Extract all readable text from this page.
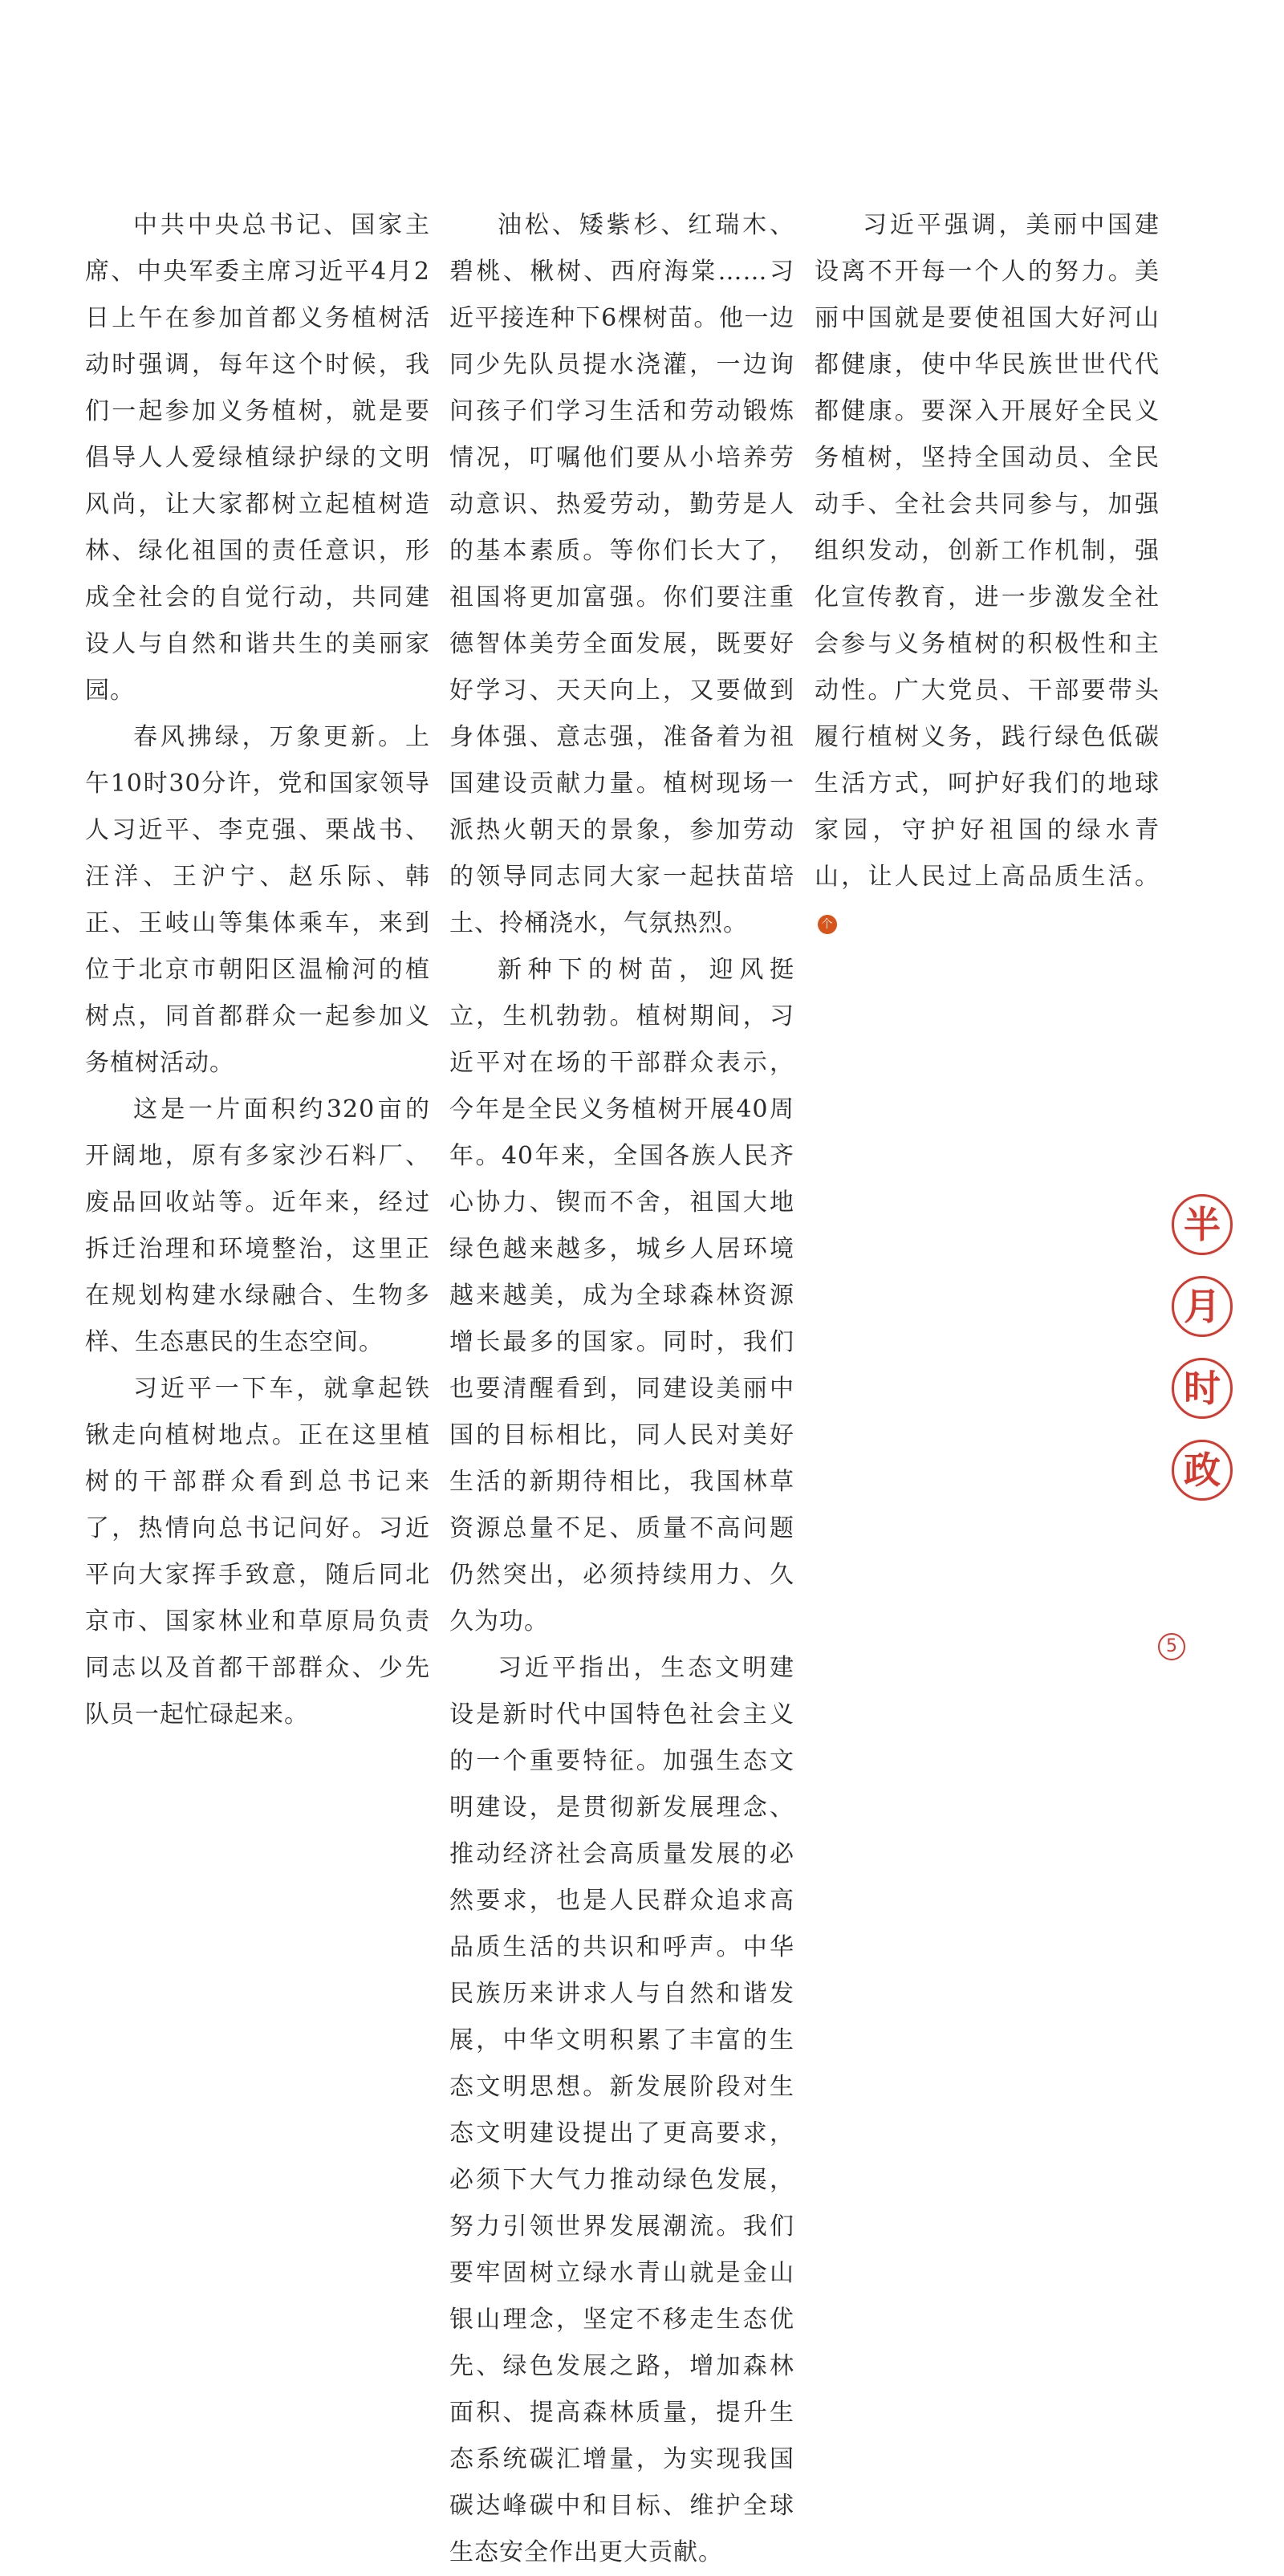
中共中央总书记、国家主席、中央军委主席习近平4月2日上午在参加首都义务植树活动时强调，每年这个时候，我们一起参加义务植树，就是要倡导人人爱绿植绿护绿的文明风尚，让大家都树立起植树造林、绿化祖国的责任意识，形成全社会的自觉行动，共同建设人与自然和谐共生的美丽家园。

春风拂绿，万象更新。上午10时30分许，党和国家领导人习近平、李克强、栗战书、汪洋、王沪宁、赵乐际、韩正、王岐山等集体乘车，来到位于北京市朝阳区温榆河的植树点，同首都群众一起参加义务植树活动。

这是一片面积约320亩的开阔地，原有多家沙石料厂、废品回收站等。近年来，经过拆迁治理和环境整治，这里正在规划构建水绿融合、生物多样、生态惠民的生态空间。

习近平一下车，就拿起铁锹走向植树地点。正在这里植树的干部群众看到总书记来了，热情向总书记问好。习近平向大家挥手致意，随后同北京市、国家林业和草原局负责同志以及首都干部群众、少先队员一起忙碌起来。

油松、矮紫杉、红瑞木、碧桃、楸树、西府海棠……习近平接连种下6棵树苗。他一边同少先队员提水浇灌，一边询问孩子们学习生活和劳动锻炼情况，叮嘱他们要从小培养劳动意识、热爱劳动，勤劳是人的基本素质。等你们长大了，祖国将更加富强。你们要注重德智体美劳全面发展，既要好好学习、天天向上，又要做到身体强、意志强，准备着为祖国建设贡献力量。植树现场一派热火朝天的景象，参加劳动的领导同志同大家一起扶苗培土、拎桶浇水，气氛热烈。

新种下的树苗，迎风挺立，生机勃勃。植树期间，习近平对在场的干部群众表示，今年是全民义务植树开展40周年。40年来，全国各族人民齐心协力、锲而不舍，祖国大地绿色越来越多，城乡人居环境越来越美，成为全球森林资源增长最多的国家。同时，我们也要清醒看到，同建设美丽中国的目标相比，同人民对美好生活的新期待相比，我国林草资源总量不足、质量不高问题仍然突出，必须持续用力、久久为功。

习近平指出，生态文明建设是新时代中国特色社会主义的一个重要特征。加强生态文明建设，是贯彻新发展理念、推动经济社会高质量发展的必然要求，也是人民群众追求高品质生活的共识和呼声。中华民族历来讲求人与自然和谐发展，中华文明积累了丰富的生态文明思想。新发展阶段对生态文明建设提出了更高要求，必须下大气力推动绿色发展，努力引领世界发展潮流。我们要牢固树立绿水青山就是金山银山理念，坚定不移走生态优先、绿色发展之路，增加森林面积、提高森林质量，提升生态系统碳汇增量，为实现我国碳达峰碳中和目标、维护全球生态安全作出更大贡献。

习近平强调，美丽中国建设离不开每一个人的努力。美丽中国就是要使祖国大好河山都健康，使中华民族世世代代都健康。要深入开展好全民义务植树，坚持全国动员、全民动手、全社会共同参与，加强组织发动，创新工作机制，强化宣传教育，进一步激发全社会参与义务植树的积极性和主动性。广大党员、干部要带头履行植树义务，践行绿色低碳生活方式，呵护好我们的地球家园，守护好祖国的绿水青山，让人民过上高品质生活。个

半
月
时
政
5
